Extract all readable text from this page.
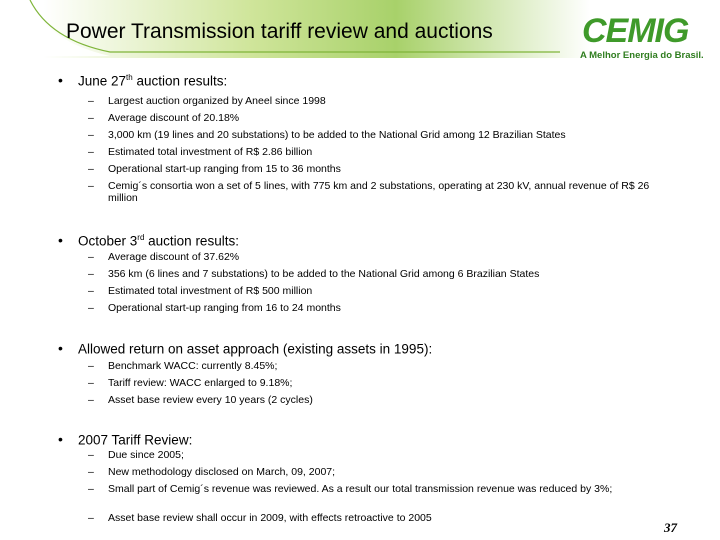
Power Transmission tariff review and auctions	CEMIG
A Melhor Energia do Brasil.
• June 27th auction results:
– Largest auction organized by Aneel since 1998
– Average discount of 20.18%
– 3,000 km (19 lines and 20 substations) to be added to the National Grid among 12 Brazilian States
– Estimated total investment of R$ 2.86 billion
– Operational start-up ranging from 15 to 36 months
– Cemig´s consortia won a set of 5 lines, with 775 km and 2 substations, operating at 230 kV, annual revenue of R$ 26 million
• October 3rd auction results:
– Average discount of 37.62%
– 356 km (6 lines and 7 substations) to be added to the National Grid among 6 Brazilian States
– Estimated total investment of R$ 500 million
– Operational start-up ranging from 16 to 24 months
• Allowed return on asset approach (existing assets in 1995):
– Benchmark WACC: currently 8.45%;
– Tariff review: WACC enlarged to 9.18%;
– Asset base review every 10 years (2 cycles)
• 2007 Tariff Review:
– Due since 2005;
– New methodology disclosed on March, 09, 2007;
– Small part of Cemig´s revenue was reviewed. As a result our total transmission revenue was reduced by 3%;
– Asset base review shall occur in 2009, with effects retroactive to 2005
37
